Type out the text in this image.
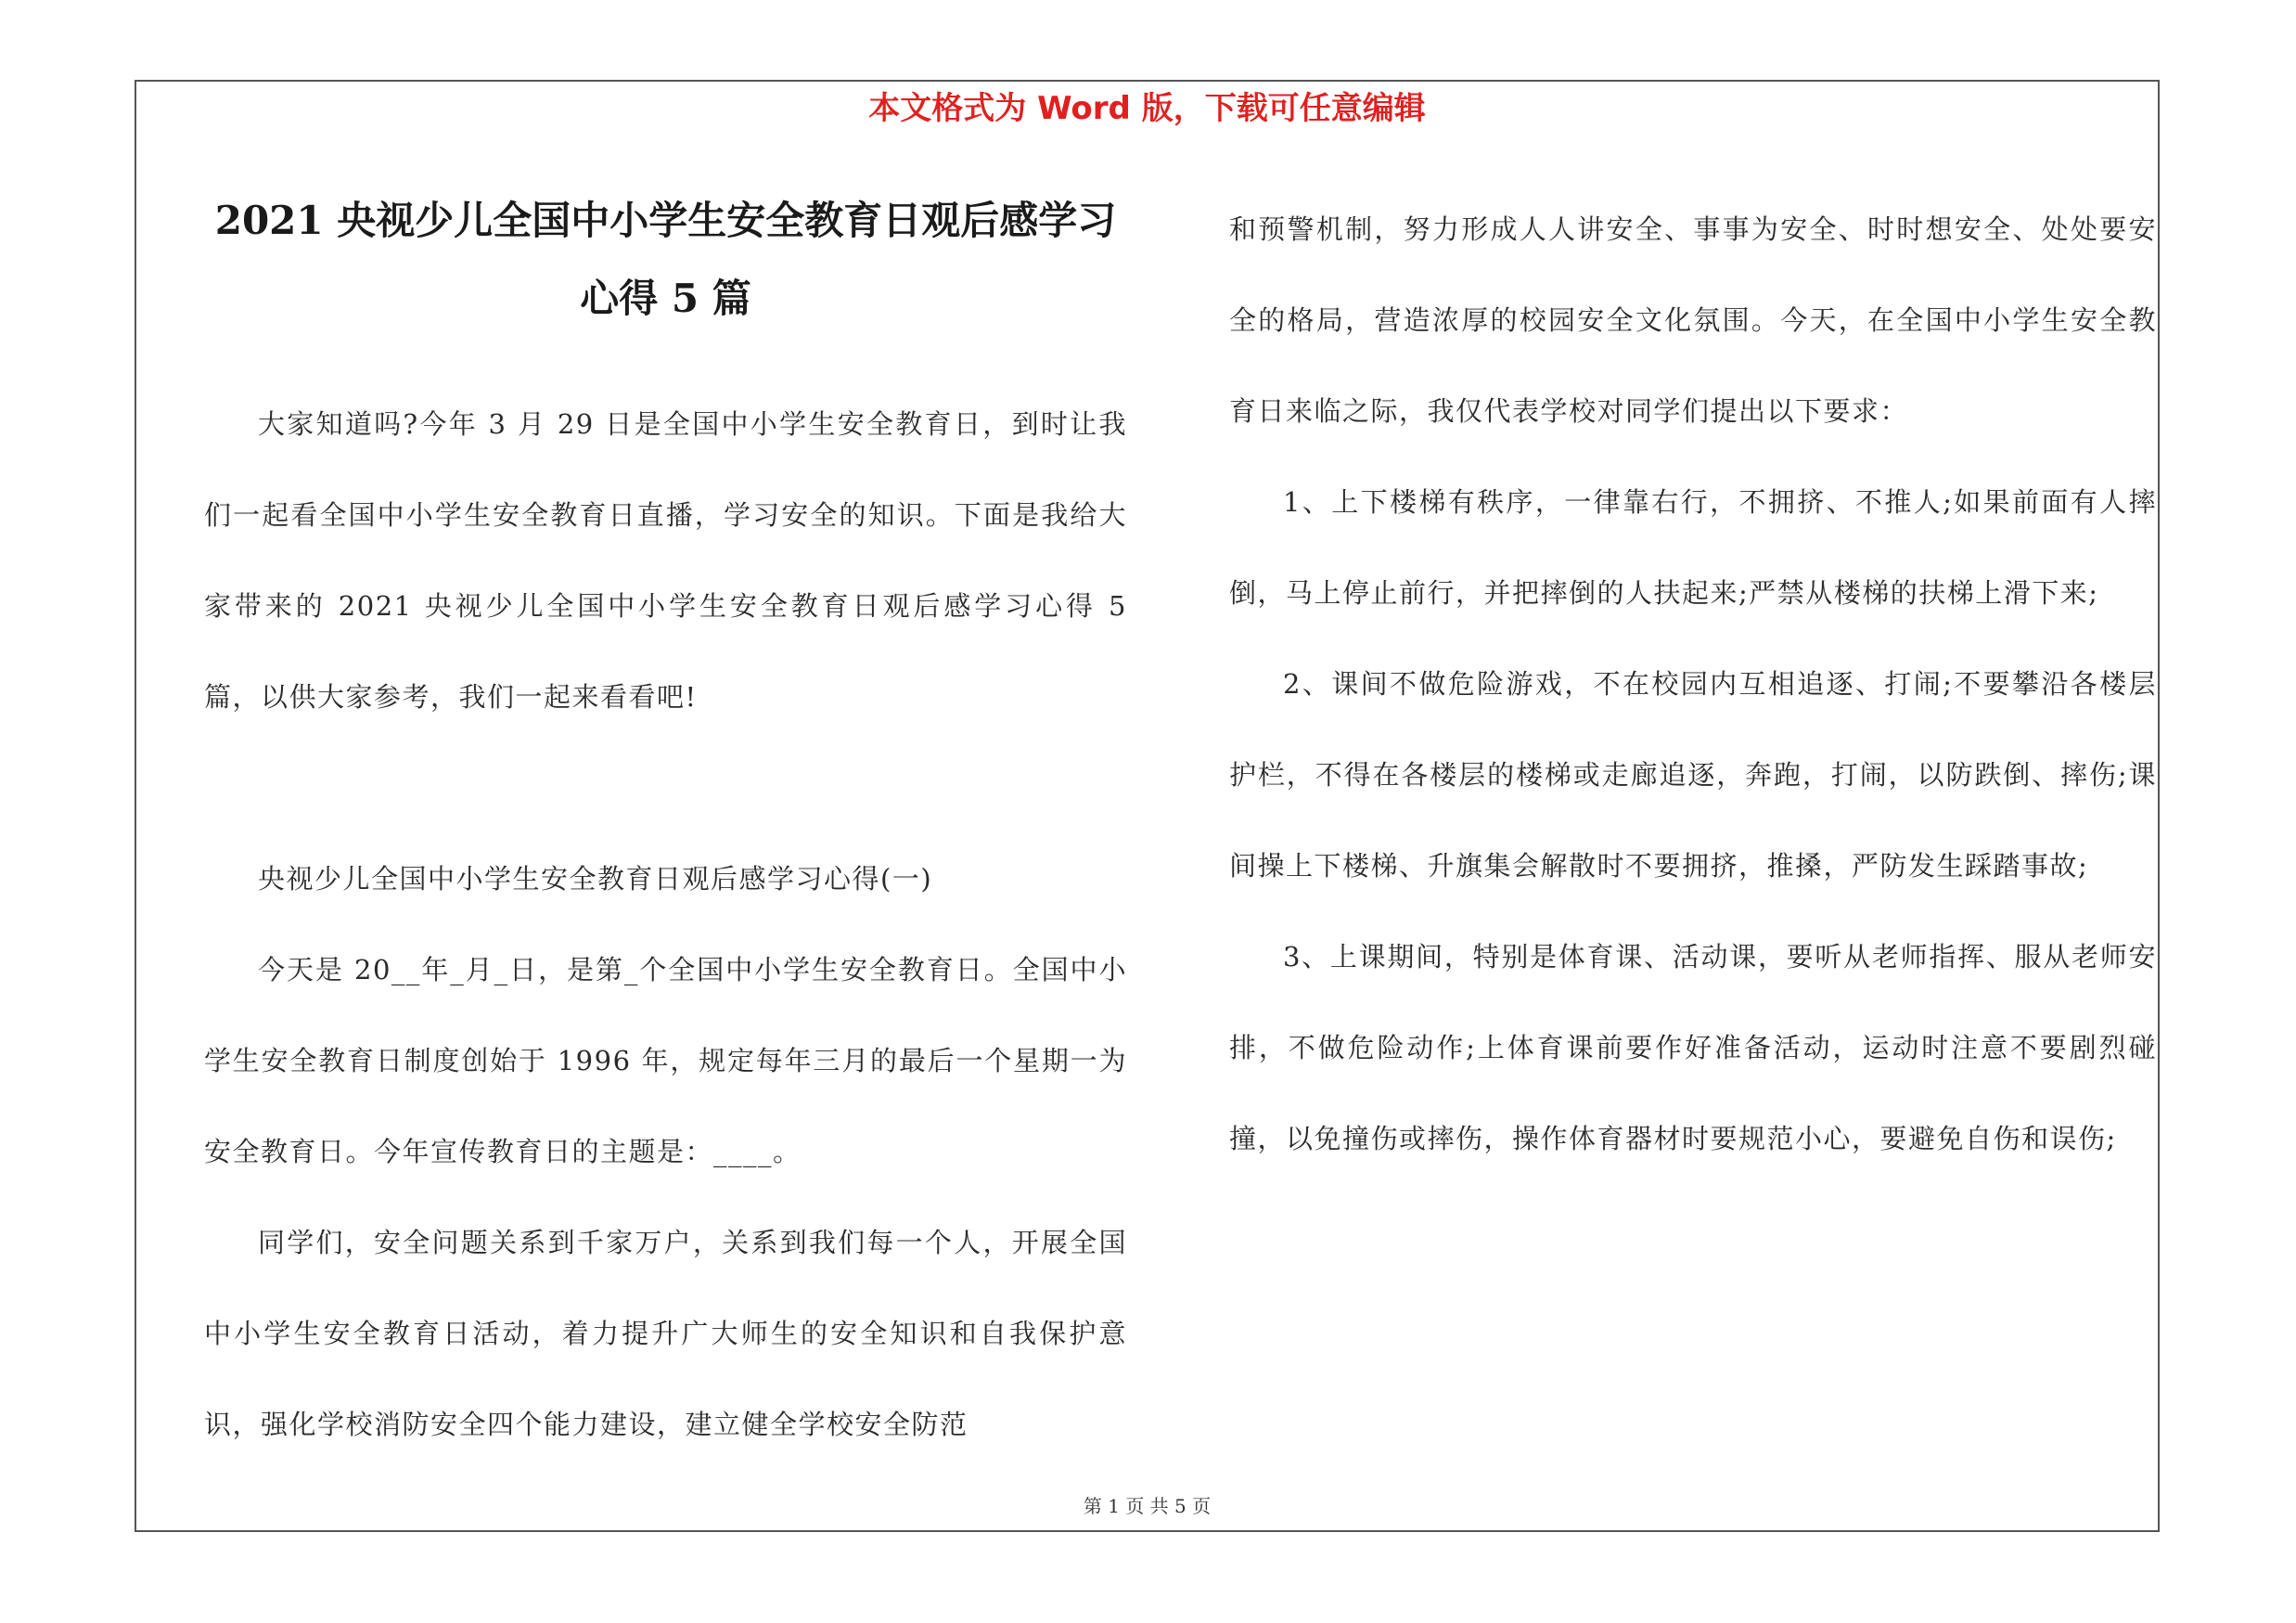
本文格式为 Word 版，下载可任意编辑
2021 央视少儿全国中小学生安全教育日观后感学习
心得 5 篇

大家知道吗?今年 3 月 29 日是全国中小学生安全教育日，到时让我们一起看全国中小学生安全教育日直播，学习安全的知识。下面是我给大家带来的 2021 央视少儿全国中小学生安全教育日观后感学习心得 5 篇，以供大家参考，我们一起来看看吧!

央视少儿全国中小学生安全教育日观后感学习心得(一)

今天是 20__年_月_日，是第_个全国中小学生安全教育日。全国中小学生安全教育日制度创始于 1996 年，规定每年三月的最后一个星期一为安全教育日。今年宣传教育日的主题是：____。

同学们，安全问题关系到千家万户，关系到我们每一个人，开展全国中小学生安全教育日活动，着力提升广大师生的安全知识和自我保护意识，强化学校消防安全四个能力建设，建立健全学校安全防范

和预警机制，努力形成人人讲安全、事事为安全、时时想安全、处处要安全的格局，营造浓厚的校园安全文化氛围。今天，在全国中小学生安全教育日来临之际，我仅代表学校对同学们提出以下要求：

1、上下楼梯有秩序，一律靠右行，不拥挤、不推人;如果前面有人摔倒，马上停止前行，并把摔倒的人扶起来;严禁从楼梯的扶梯上滑下来;

2、课间不做危险游戏，不在校园内互相追逐、打闹;不要攀沿各楼层护栏，不得在各楼层的楼梯或走廊追逐，奔跑，打闹，以防跌倒、摔伤;课间操上下楼梯、升旗集会解散时不要拥挤，推搡，严防发生踩踏事故;

3、上课期间，特别是体育课、活动课，要听从老师指挥、服从老师安排，不做危险动作;上体育课前要作好准备活动，运动时注意不要剧烈碰撞，以免撞伤或摔伤，操作体育器材时要规范小心，要避免自伤和误伤;

第 1 页 共 5 页
